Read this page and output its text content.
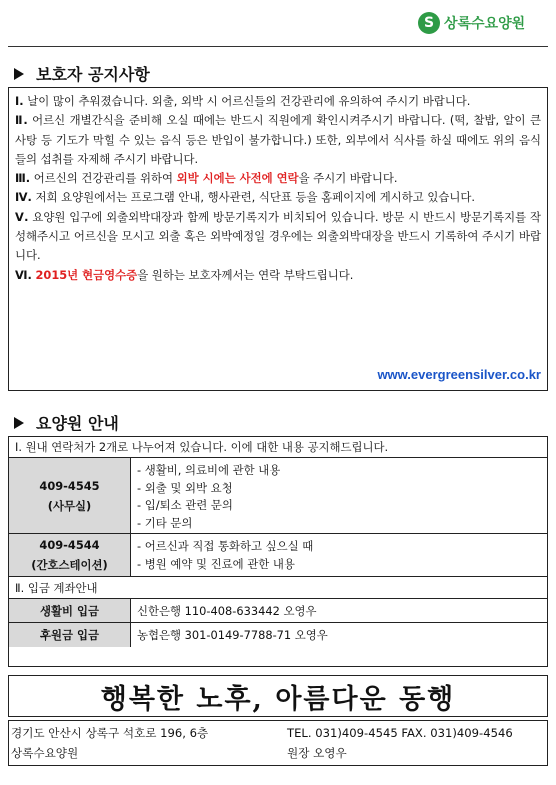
S 상록수요양원
보호자 공지사항

Ⅰ. 날이 많이 추워졌습니다. 외출, 외박 시 어르신들의 건강관리에 유의하여 주시기 바랍니다.

Ⅱ. 어르신 개별간식을 준비해 오실 때에는 반드시 직원에게 확인시켜주시기 바랍니다. (떡, 찰밥, 알이 큰 사탕 등 기도가 막힐 수 있는 음식 등은 반입이 불가합니다.) 또한, 외부에서 식사를 하실 때에도 위의 음식들의 섭취를 자제해 주시기 바랍니다.

Ⅲ. 어르신의 건강관리를 위하여 외박 시에는 사전에 연락을 주시기 바랍니다.

Ⅳ. 저희 요양원에서는 프로그램 안내, 행사관련, 식단표 등을 홈페이지에 게시하고 있습니다.

Ⅴ. 요양원 입구에 외출외박대장과 함께 방문기록지가 비치되어 있습니다. 방문 시 반드시 방문기록지를 작성해주시고 어르신을 모시고 외출 혹은 외박예정일 경우에는 외출외박대장을 반드시 기록하여 주시기 바랍니다.

Ⅵ. 2015년 현금영수증을 원하는 보호자께서는 연락 부탁드립니다.

www.evergreensilver.co.kr
요양원 안내
Ⅰ. 원내 연락처가 2개로 나누어져 있습니다. 이에 대한 내용 공지해드립니다.
409-4545
(사무실)
- 생활비, 의료비에 관한 내용
- 외출 및 외박 요청
- 입/퇴소 관련 문의
- 기타 문의
409-4544
(간호스테이션)
- 어르신과 직접 통화하고 싶으실 때
- 병원 예약 및 진료에 관한 내용
Ⅱ. 입금 계좌안내
생활비 입금	신한은행 110-408-633442 오영우
후원금 입금	농협은행 301-0149-7788-71 오영우
행복한 노후, 아름다운 동행
경기도 안산시 상록구 석호로 196, 6층	TEL. 031)409-4545 FAX. 031)409-4546
상록수요양원	원장 오영우
